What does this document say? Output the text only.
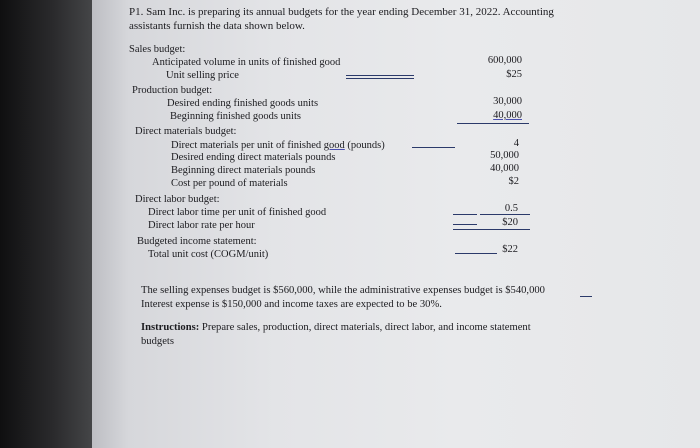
P1. Sam Inc. is preparing its annual budgets for the year ending December 31, 2022. Accounting
assistants furnish the data shown below.
Sales budget:
Anticipated volume in units of finished good	600,000
Unit selling price	$25
Production budget:
Desired ending finished goods units	30,000
Beginning finished goods units	40,000
Direct materials budget:
Direct materials per unit of finished good (pounds)	4
Desired ending direct materials pounds	50,000
Beginning direct materials pounds	40,000
Cost per pound of materials	$2
Direct labor budget:
Direct labor time per unit of finished good	0.5
Direct labor rate per hour	$20
Budgeted income statement:
Total unit cost (COGM/unit)	$22
The selling expenses budget is $560,000, while the administrative expenses budget is $540,000
Interest expense is $150,000 and income taxes are expected to be 30%.
Instructions: Prepare sales, production, direct materials, direct labor, and income statement
budgets
